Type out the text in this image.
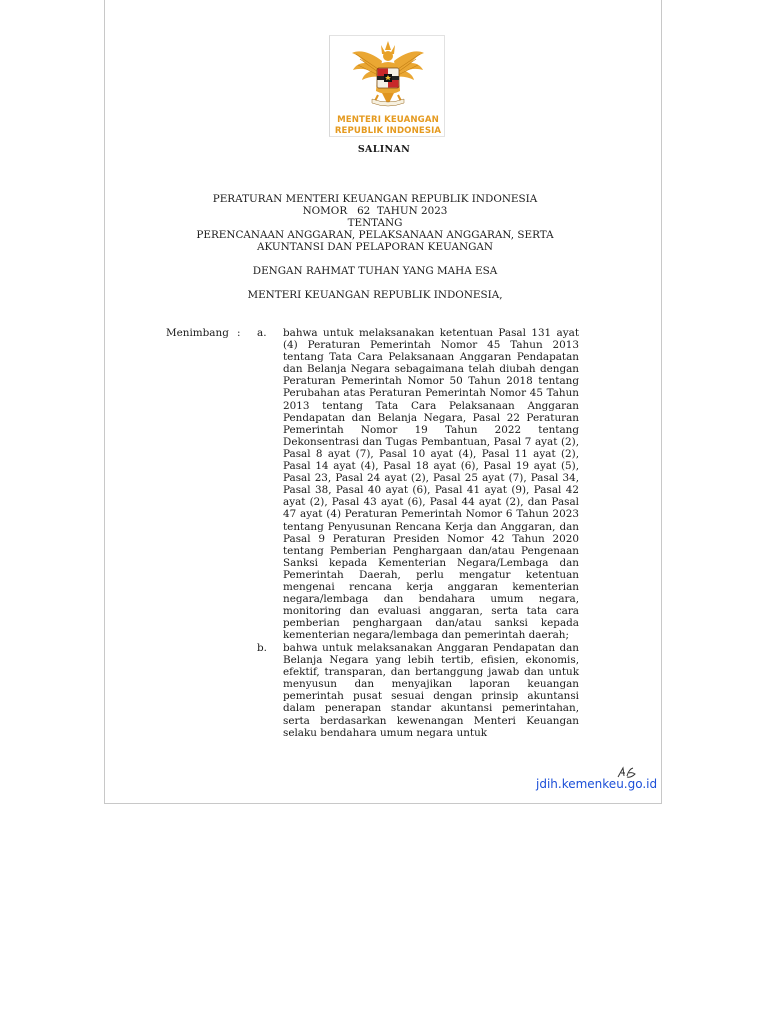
MENTERI KEUANGAN
REPUBLIK INDONESIA
SALINAN
PERATURAN MENTERI KEUANGAN REPUBLIK INDONESIA
NOMOR   62  TAHUN 2023
TENTANG
PERENCANAAN ANGGARAN, PELAKSANAAN ANGGARAN, SERTA
AKUNTANSI DAN PELAPORAN KEUANGAN
DENGAN RAHMAT TUHAN YANG MAHA ESA
MENTERI KEUANGAN REPUBLIK INDONESIA,
Menimbang : a. bahwa untuk melaksanakan ketentuan Pasal 131 ayat
(4) Peraturan Pemerintah Nomor 45 Tahun 2013
tentang Tata Cara Pelaksanaan Anggaran Pendapatan
dan Belanja Negara sebagaimana telah diubah dengan
Peraturan Pemerintah Nomor 50 Tahun 2018 tentang
Perubahan atas Peraturan Pemerintah Nomor 45 Tahun
2013 tentang Tata Cara Pelaksanaan Anggaran
Pendapatan dan Belanja Negara, Pasal 22 Peraturan
Pemerintah Nomor 19 Tahun 2022 tentang
Dekonsentrasi dan Tugas Pembantuan, Pasal 7 ayat (2),
Pasal 8 ayat (7), Pasal 10 ayat (4), Pasal 11 ayat (2),
Pasal 14 ayat (4), Pasal 18 ayat (6), Pasal 19 ayat (5),
Pasal 23, Pasal 24 ayat (2), Pasal 25 ayat (7), Pasal 34,
Pasal 38, Pasal 40 ayat (6), Pasal 41 ayat (9), Pasal 42
ayat (2), Pasal 43 ayat (6), Pasal 44 ayat (2), dan Pasal
47 ayat (4) Peraturan Pemerintah Nomor 6 Tahun 2023
tentang Penyusunan Rencana Kerja dan Anggaran, dan
Pasal 9 Peraturan Presiden Nomor 42 Tahun 2020
tentang Pemberian Penghargaan dan/atau Pengenaan
Sanksi kepada Kementerian Negara/Lembaga dan
Pemerintah Daerah, perlu mengatur ketentuan
mengenai rencana kerja anggaran kementerian
negara/lembaga dan bendahara umum negara,
monitoring dan evaluasi anggaran, serta tata cara
pemberian penghargaan dan/atau sanksi kepada
kementerian negara/lembaga dan pemerintah daerah;
b. bahwa untuk melaksanakan Anggaran Pendapatan dan
Belanja Negara yang lebih tertib, efisien, ekonomis,
efektif, transparan, dan bertanggung jawab dan untuk
menyusun dan menyajikan laporan keuangan
pemerintah pusat sesuai dengan prinsip akuntansi
dalam penerapan standar akuntansi pemerintahan,
serta berdasarkan kewenangan Menteri Keuangan
selaku bendahara umum negara untuk
jdih.kemenkeu.go.id
